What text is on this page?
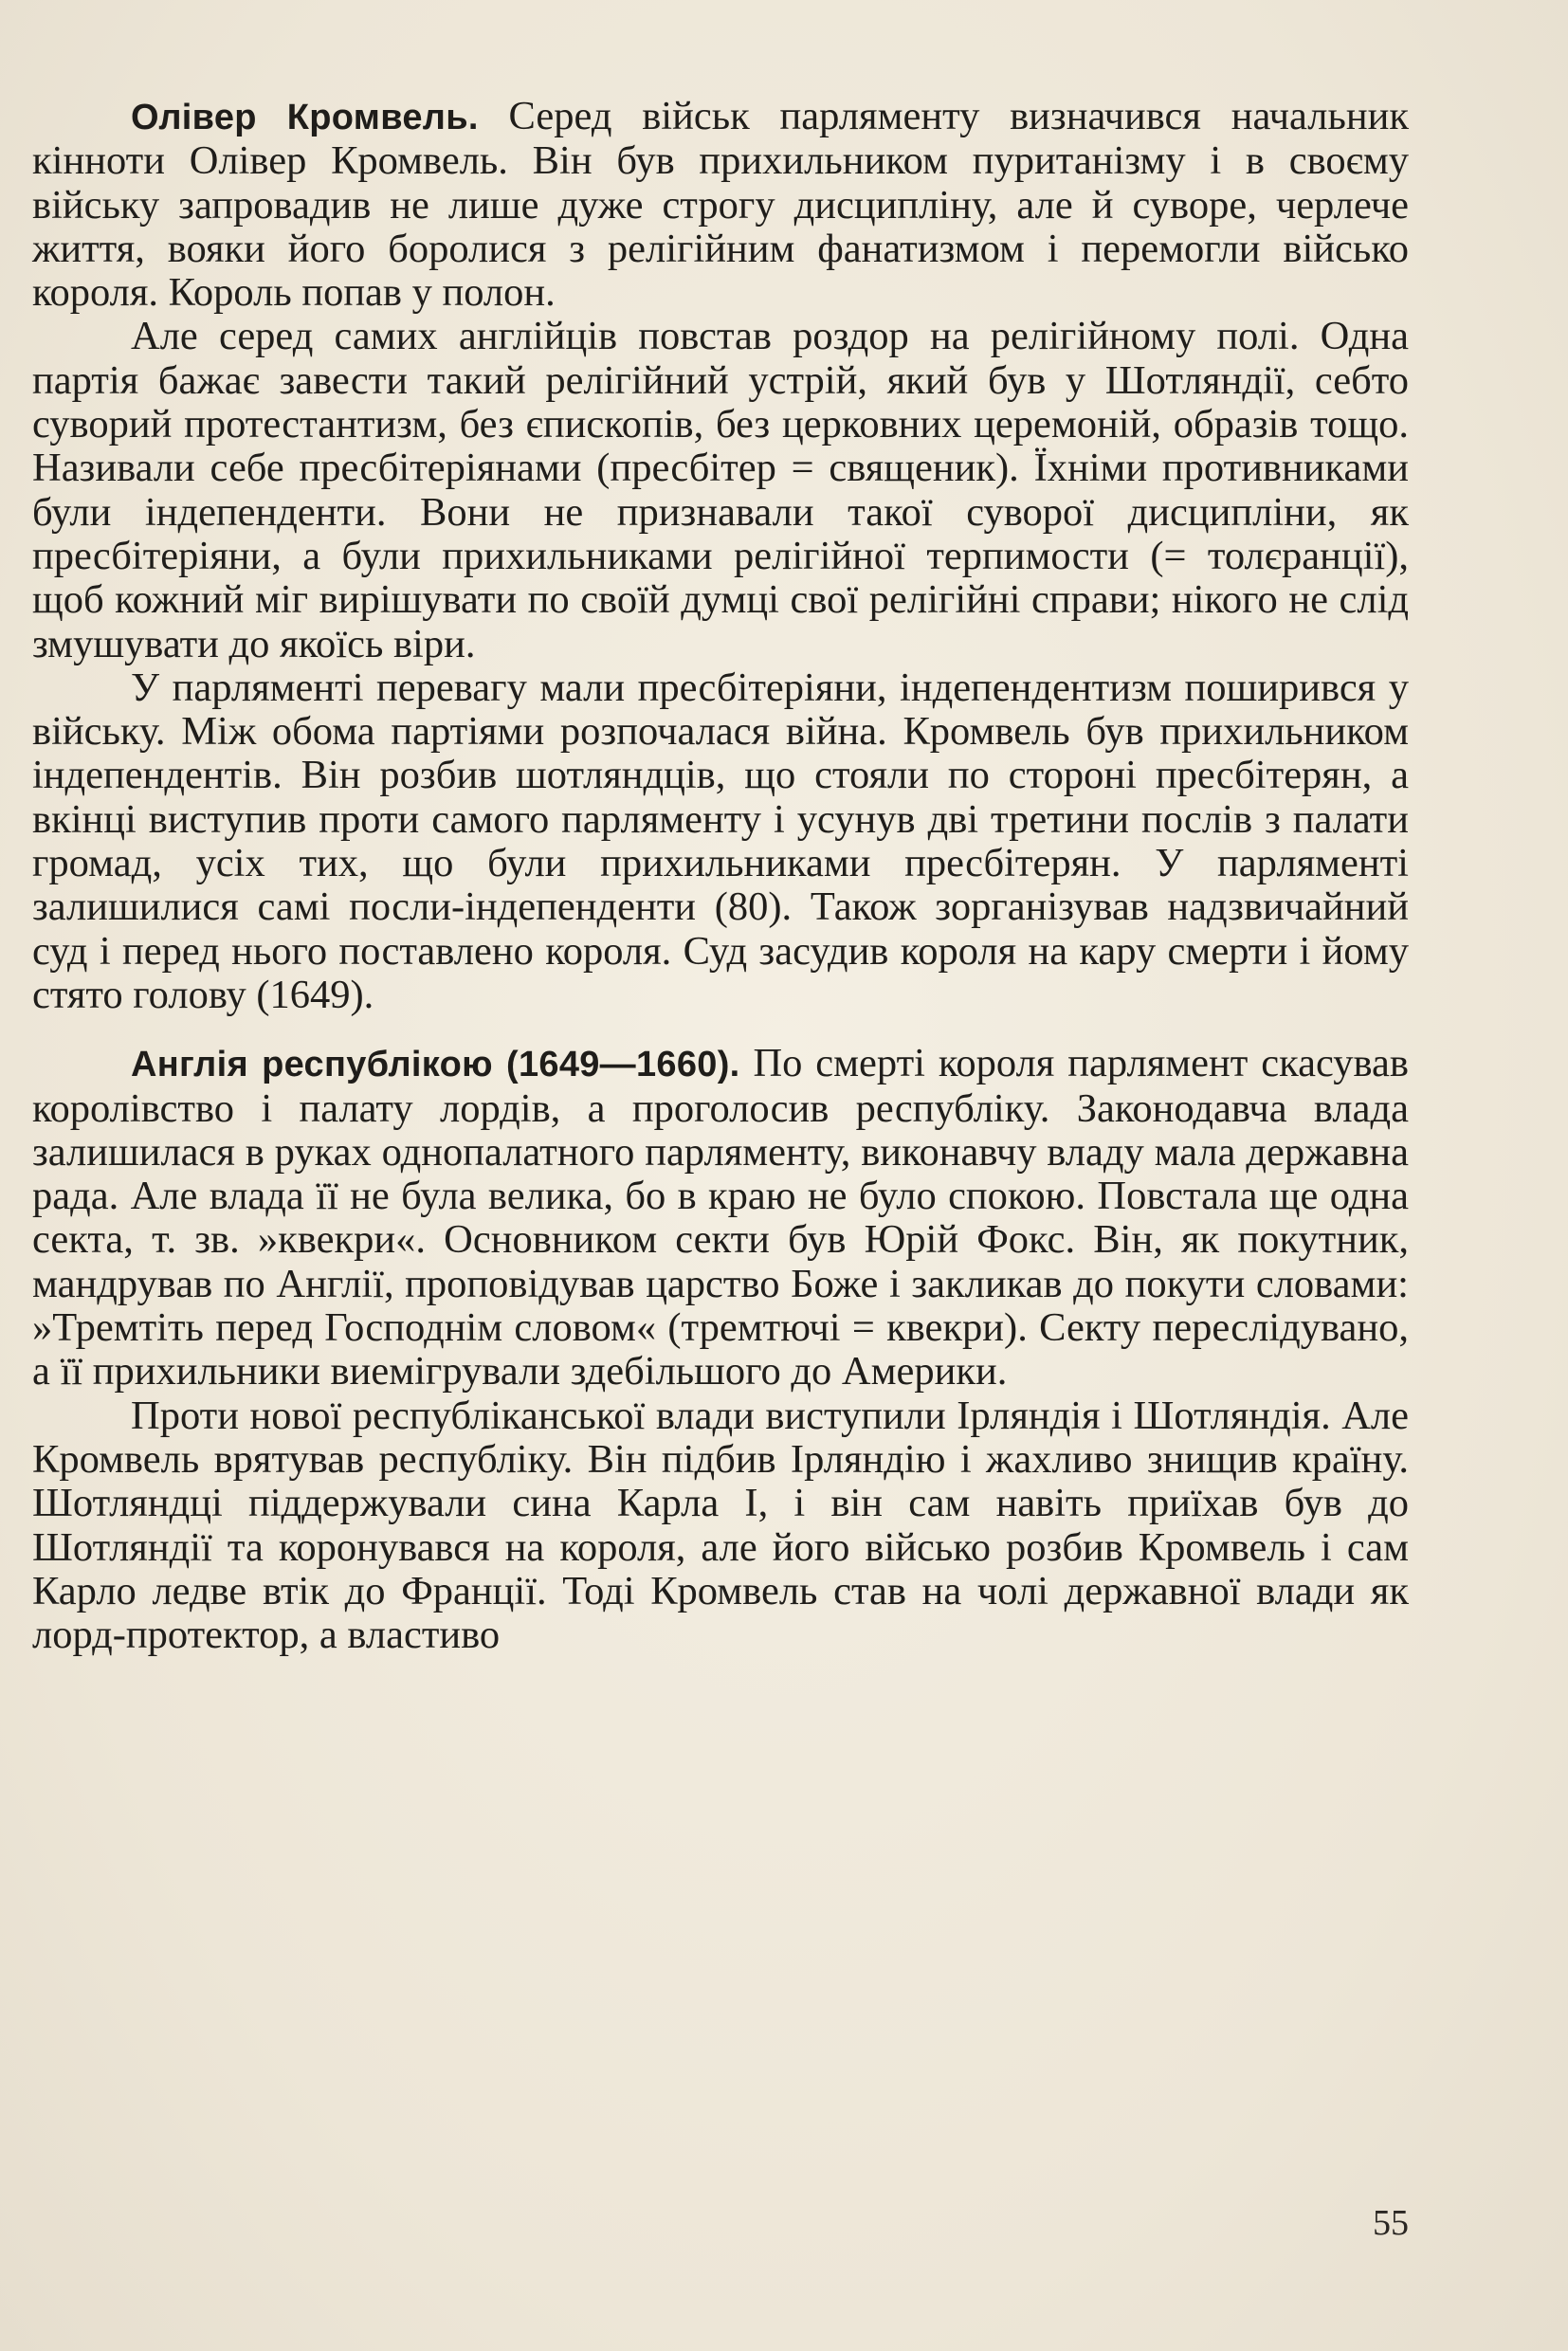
Олівер Кромвель. Серед військ парляменту визначився начальник кінноти Олівер Кромвель. Він був прихильником пуританізму і в своєму війську запровадив не лише дуже строгу дисципліну, але й суворе, черлече життя, вояки його боролися з релігійним фанатизмом і перемогли військо короля. Король попав у полон.

Але серед самих англійців повстав роздор на релігійному полі. Одна партія бажає завести такий релігійний устрій, який був у Шотляндії, себто суворий протестантизм, без єпископів, без церковних церемоній, образів тощо. Називали себе пресбітеріянами (пресбітер = священик). Їхніми противниками були індепенденти. Вони не признавали такої суворої дисципліни, як пресбітеріяни, а були прихильниками релігійної терпимости (= толєранції), щоб кожний міг вирішувати по своїй думці свої релігійні справи; нікого не слід змушувати до якоїсь віри.

У парляменті перевагу мали пресбітеріяни, індепендентизм поширився у війську. Між обома партіями розпочалася війна. Кромвель був прихильником індепендентів. Він розбив шотляндців, що стояли по стороні пресбітерян, а вкінці виступив проти самого парляменту і усунув дві третини послів з палати громад, усіх тих, що були прихильниками пресбітерян. У парляменті залишилися самі посли-індепенденти (80). Також зорганізував надзвичайний суд і перед нього поставлено короля. Суд засудив короля на кару смерти і йому стято голову (1649).

Англія республікою (1649—1660). По смерті короля парлямент скасував королівство і палату лордів, а проголосив республіку. Законодавча влада залишилася в руках однопалатного парляменту, виконавчу владу мала державна рада. Але влада її не була велика, бо в краю не було спокою. Повстала ще одна секта, т. зв. »квекри«. Основником секти був Юрій Фокс. Він, як покутник, мандрував по Англії, проповідував царство Боже і закликав до покути словами: »Тремтіть перед Господнім словом« (тремтючі = квекри). Секту переслідувано, а її прихильники виемігрували здебільшого до Америки.

Проти нової республіканської влади виступили Ірляндія і Шотляндія. Але Кромвель врятував республіку. Він підбив Ірляндію і жахливо знищив країну. Шотляндці піддержували сина Карла I, і він сам навіть приїхав був до Шотляндії та коронувався на короля, але його військо розбив Кромвель і сам Карло ледве втік до Франції. Тоді Кромвель став на чолі державної влади як лорд-протектор, а властиво

55
